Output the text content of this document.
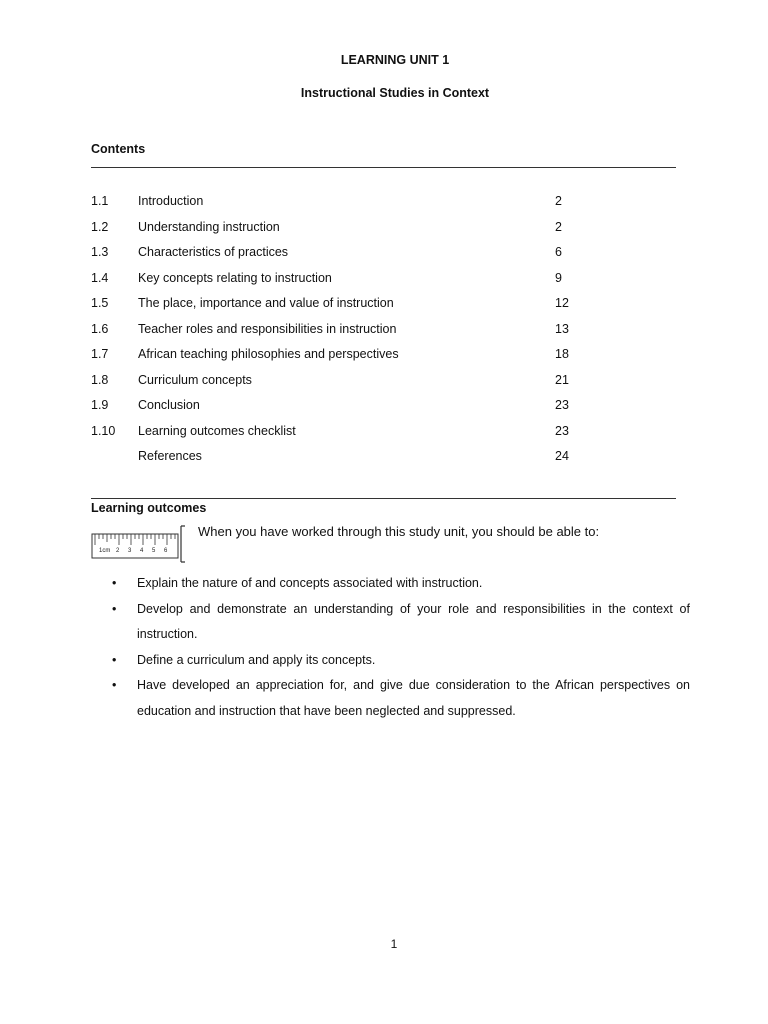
LEARNING UNIT 1
Instructional Studies in Context
Contents
1.1 Introduction	2
1.2 Understanding instruction	2
1.3 Characteristics of practices	6
1.4 Key concepts relating to instruction	9
1.5 The place, importance and value of instruction	12
1.6 Teacher roles and responsibilities in instruction	13
1.7 African teaching philosophies and perspectives	18
1.8 Curriculum concepts	21
1.9 Conclusion	23
1.10 Learning outcomes checklist	23
References	24
Learning outcomes
1cm 2 3 4 5 6
When you have worked through this study unit, you should be able to:
• Explain the nature of and concepts associated with instruction.
• Develop and demonstrate an understanding of your role and responsibilities in the context of instruction.
• Define a curriculum and apply its concepts.
• Have developed an appreciation for, and give due consideration to the African perspectives on education and instruction that have been neglected and suppressed.
1
